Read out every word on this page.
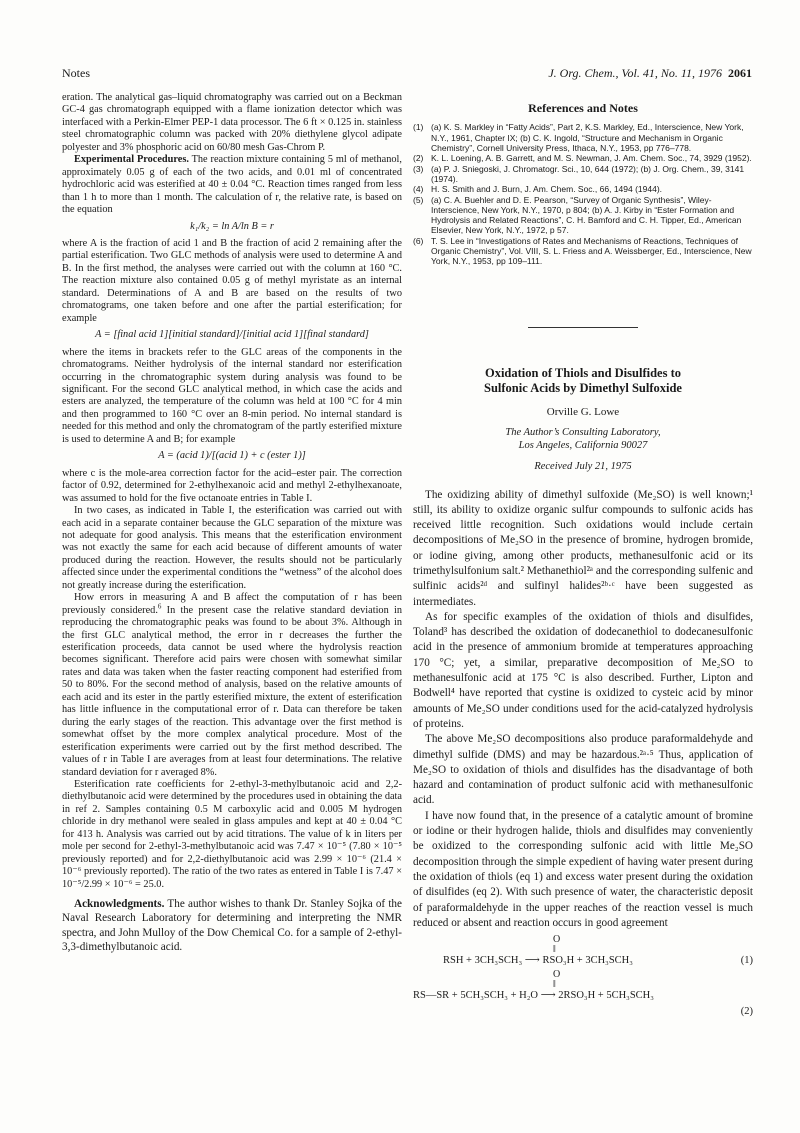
Notes	J. Org. Chem., Vol. 41, No. 11, 1976 2061

eration. The analytical gas–liquid chromatography was carried out on a Beckman GC-4 gas chromatograph equipped with a flame ionization detector which was interfaced with a Perkin-Elmer PEP-1 data processor. The 6 ft × 0.125 in. stainless steel chromatographic column was packed with 20% diethylene glycol adipate polyester and 3% phosphoric acid on 60/80 mesh Gas-Chrom P.

Experimental Procedures. The reaction mixture containing 5 ml of methanol, approximately 0.05 g of each of the two acids, and 0.01 ml of concentrated hydrochloric acid was esterified at 40 ± 0.04 °C. Reaction times ranged from less than 1 h to more than 1 month. The calculation of r, the relative rate, is based on the equation

k₁/k₂ = ln A/ln B = r

where A is the fraction of acid 1 and B the fraction of acid 2 remaining after the partial esterification. Two GLC methods of analysis were used to determine A and B. In the first method, the analyses were carried out with the column at 160 °C. The reaction mixture also contained 0.05 g of methyl myristate as an internal standard. Determinations of A and B are based on the results of two chromatograms, one taken before and one after the partial esterification; for example

A = [final acid 1][initial standard]/[initial acid 1][final standard]

where the items in brackets refer to the GLC areas of the components in the chromatograms. Neither hydrolysis of the internal standard nor esterification occurring in the chromatographic system during analysis was found to be significant. For the second GLC analytical method, in which case the acids and esters are analyzed, the temperature of the column was held at 100 °C for 4 min and then programmed to 160 °C over an 8-min period. No internal standard is needed for this method and only the chromatogram of the partly esterified mixture is used to determine A and B; for example

A = (acid 1)/[(acid 1) + c (ester 1)]

where c is the mole-area correction factor for the acid–ester pair. The correction factor of 0.92, determined for 2-ethylhexanoic acid and methyl 2-ethylhexanoate, was assumed to hold for the five octanoate entries in Table I.

In two cases, as indicated in Table I, the esterification was carried out with each acid in a separate container because the GLC separation of the mixture was not adequate for good analysis. This means that the esterification environment was not exactly the same for each acid because of different amounts of water produced during the reaction. However, the results should not be particularly affected since under the experimental conditions the “wetness” of the alcohol does not greatly increase during the esterification.

How errors in measuring A and B affect the computation of r has been previously considered.$^6$ In the present case the relative standard deviation in reproducing the chromatographic peaks was found to be about 3%. Although in the first GLC analytical method, the error in r decreases the further the esterification proceeds, data cannot be used where the hydrolysis reaction becomes significant. Therefore acid pairs were chosen with somewhat similar rates and data was taken when the faster reacting component had esterified from 50 to 80%. For the second method of analysis, based on the relative amounts of each acid and its ester in the partly esterified mixture, the extent of esterification has little influence in the computational error of r. Data can therefore be taken during the early stages of the reaction. This advantage over the first method is somewhat offset by the more complex analytical procedure. Most of the esterification experiments were carried out by the first method described. The values of r in Table I are averages from at least four determinations. The relative standard deviation for r averaged 8%.

Esterification rate coefficients for 2-ethyl-3-methylbutanoic acid and 2,2-diethylbutanoic acid were determined by the procedures used in obtaining the data in ref 2. Samples containing 0.5 M carboxylic acid and 0.005 M hydrogen chloride in dry methanol were sealed in glass ampules and kept at 40 ± 0.04 °C for 413 h. Analysis was carried out by acid titrations. The value of k in liters per mole per second for 2-ethyl-3-methylbutanoic acid was 7.47 × 10⁻⁵ (7.80 × 10⁻⁵ previously reported) and for 2,2-diethylbutanoic acid was 2.99 × 10⁻⁶ (21.4 × 10⁻⁶ previously reported). The ratio of the two rates as entered in Table I is 7.47 × 10⁻⁵/2.99 × 10⁻⁶ = 25.0.

Acknowledgments. The author wishes to thank Dr. Stanley Sojka of the Naval Research Laboratory for determining and interpreting the NMR spectra, and John Mulloy of the Dow Chemical Co. for a sample of 2-ethyl-3,3-dimethylbutanoic acid.

References and Notes
(1) (a) K. S. Markley in “Fatty Acids”, Part 2, K.S. Markley, Ed., Interscience, New York, N.Y., 1961, Chapter IX; (b) C. K. Ingold, “Structure and Mechanism in Organic Chemistry”, Cornell University Press, Ithaca, N.Y., 1953, pp 776–778.
(2) K. L. Loening, A. B. Garrett, and M. S. Newman, J. Am. Chem. Soc., 74, 3929 (1952).
(3) (a) P. J. Sniegoski, J. Chromatogr. Sci., 10, 644 (1972); (b) J. Org. Chem., 39, 3141 (1974).
(4) H. S. Smith and J. Burn, J. Am. Chem. Soc., 66, 1494 (1944).
(5) (a) C. A. Buehler and D. E. Pearson, “Survey of Organic Synthesis”, Wiley-Interscience, New York, N.Y., 1970, p 804; (b) A. J. Kirby in “Ester Formation and Hydrolysis and Related Reactions”, C. H. Bamford and C. H. Tipper, Ed., American Elsevier, New York, N.Y., 1972, p 57.
(6) T. S. Lee in “Investigations of Rates and Mechanisms of Reactions, Techniques of Organic Chemistry”, Vol. VIII, S. L. Friess and A. Weissberger, Ed., Interscience, New York, N.Y., 1953, pp 109–111.
Oxidation of Thiols and Disulfides to
Sulfonic Acids by Dimethyl Sulfoxide
Orville G. Lowe
The Author’s Consulting Laboratory,
Los Angeles, California 90027
Received July 21, 1975

The oxidizing ability of dimethyl sulfoxide (Me₂SO) is well known;¹ still, its ability to oxidize organic sulfur compounds to sulfonic acids has received little recognition. Such oxidations would include certain decompositions of Me₂SO in the presence of bromine, hydrogen bromide, or iodine giving, among other products, methanesulfonic acid or its trimethylsulfonium salt.² Methanethiol²ᵃ and the corresponding sulfenic and sulfinic acids²ᵈ and sulfinyl halides²ᵇ·ᶜ have been suggested as intermediates.

As for specific examples of the oxidation of thiols and disulfides, Toland³ has described the oxidation of dodecanethiol to dodecanesulfonic acid in the presence of ammonium bromide at temperatures approaching 170 °C; yet, a similar, preparative decomposition of Me₂SO to methanesulfonic acid at 175 °C is also described. Further, Lipton and Bodwell⁴ have reported that cystine is oxidized to cysteic acid by minor amounts of Me₂SO under conditions used for the acid-catalyzed hydrolysis of proteins.

The above Me₂SO decompositions also produce paraformaldehyde and dimethyl sulfide (DMS) and may be hazardous.²ᵃ·⁵ Thus, application of Me₂SO to oxidation of thiols and disulfides has the disadvantage of both hazard and contamination of product sulfonic acid with methanesulfonic acid.

I have now found that, in the presence of a catalytic amount of bromine or iodine or their hydrogen halide, thiols and disulfides may conveniently be oxidized to the corresponding sulfonic acid with little Me₂SO decomposition through the simple expedient of having water present during the oxidation of thiols (eq 1) and excess water present during the oxidation of disulfides (eq 2). With such presence of water, the characteristic deposit of paraformaldehyde in the upper reaches of the reaction vessel is much reduced or absent and reaction occurs in good agreement

O
‖
RSH + 3CH₃SCH₃ ⟶ RSO₃H + 3CH₃SCH₃	(1)
O
‖
RS—SR + 5CH₃SCH₃ + H₂O ⟶ 2RSO₃H + 5CH₃SCH₃
(2)
